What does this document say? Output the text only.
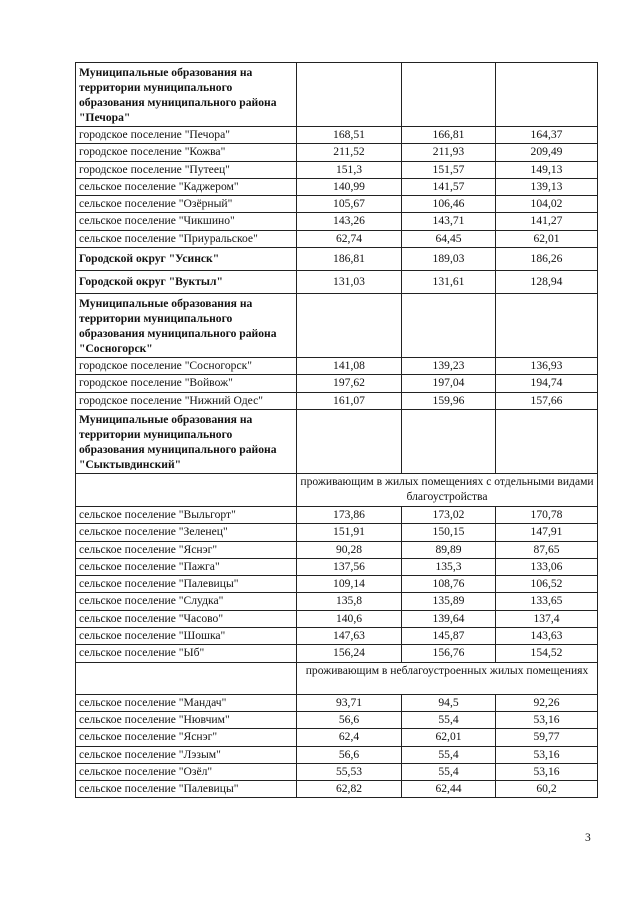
Муниципальные образования на территории муниципального образования муниципального района "Печора"			
городское поселение "Печора"	168,51	166,81	164,37
городское поселение "Кожва"	211,52	211,93	209,49
городское поселение "Путеец"	151,3	151,57	149,13
сельское поселение "Каджером"	140,99	141,57	139,13
сельское поселение "Озёрный"	105,67	106,46	104,02
сельское поселение "Чикшино"	143,26	143,71	141,27
сельское поселение "Приуральское"	62,74	64,45	62,01
Городской округ "Усинск"	186,81	189,03	186,26
Городской округ "Вуктыл"	131,03	131,61	128,94
Муниципальные образования на территории муниципального образования муниципального района "Сосногорск"			
городское поселение "Сосногорск"	141,08	139,23	136,93
городское поселение "Войвож"	197,62	197,04	194,74
городское поселение "Нижний Одес"	161,07	159,96	157,66
Муниципальные образования на территории муниципального образования муниципального района "Сыктывдинский"			
	проживающим в жилых помещениях с отдельными видами благоустройства		
сельское поселение "Выльгорт"	173,86	173,02	170,78
сельское поселение "Зеленец"	151,91	150,15	147,91
сельское поселение "Яснэг"	90,28	89,89	87,65
сельское поселение "Пажга"	137,56	135,3	133,06
сельское поселение "Палевицы"	109,14	108,76	106,52
сельское поселение "Слудка"	135,8	135,89	133,65
сельское поселение "Часово"	140,6	139,64	137,4
сельское поселение "Шошка"	147,63	145,87	143,63
сельское поселение "Ыб"	156,24	156,76	154,52
	проживающим в неблагоустроенных жилых помещениях		
сельское поселение "Мандач"	93,71	94,5	92,26
сельское поселение "Нювчим"	56,6	55,4	53,16
сельское поселение "Яснэг"	62,4	62,01	59,77
сельское поселение "Лэзым"	56,6	55,4	53,16
сельское поселение "Озёл"	55,53	55,4	53,16
сельское поселение "Палевицы"	62,82	62,44	60,2
3
